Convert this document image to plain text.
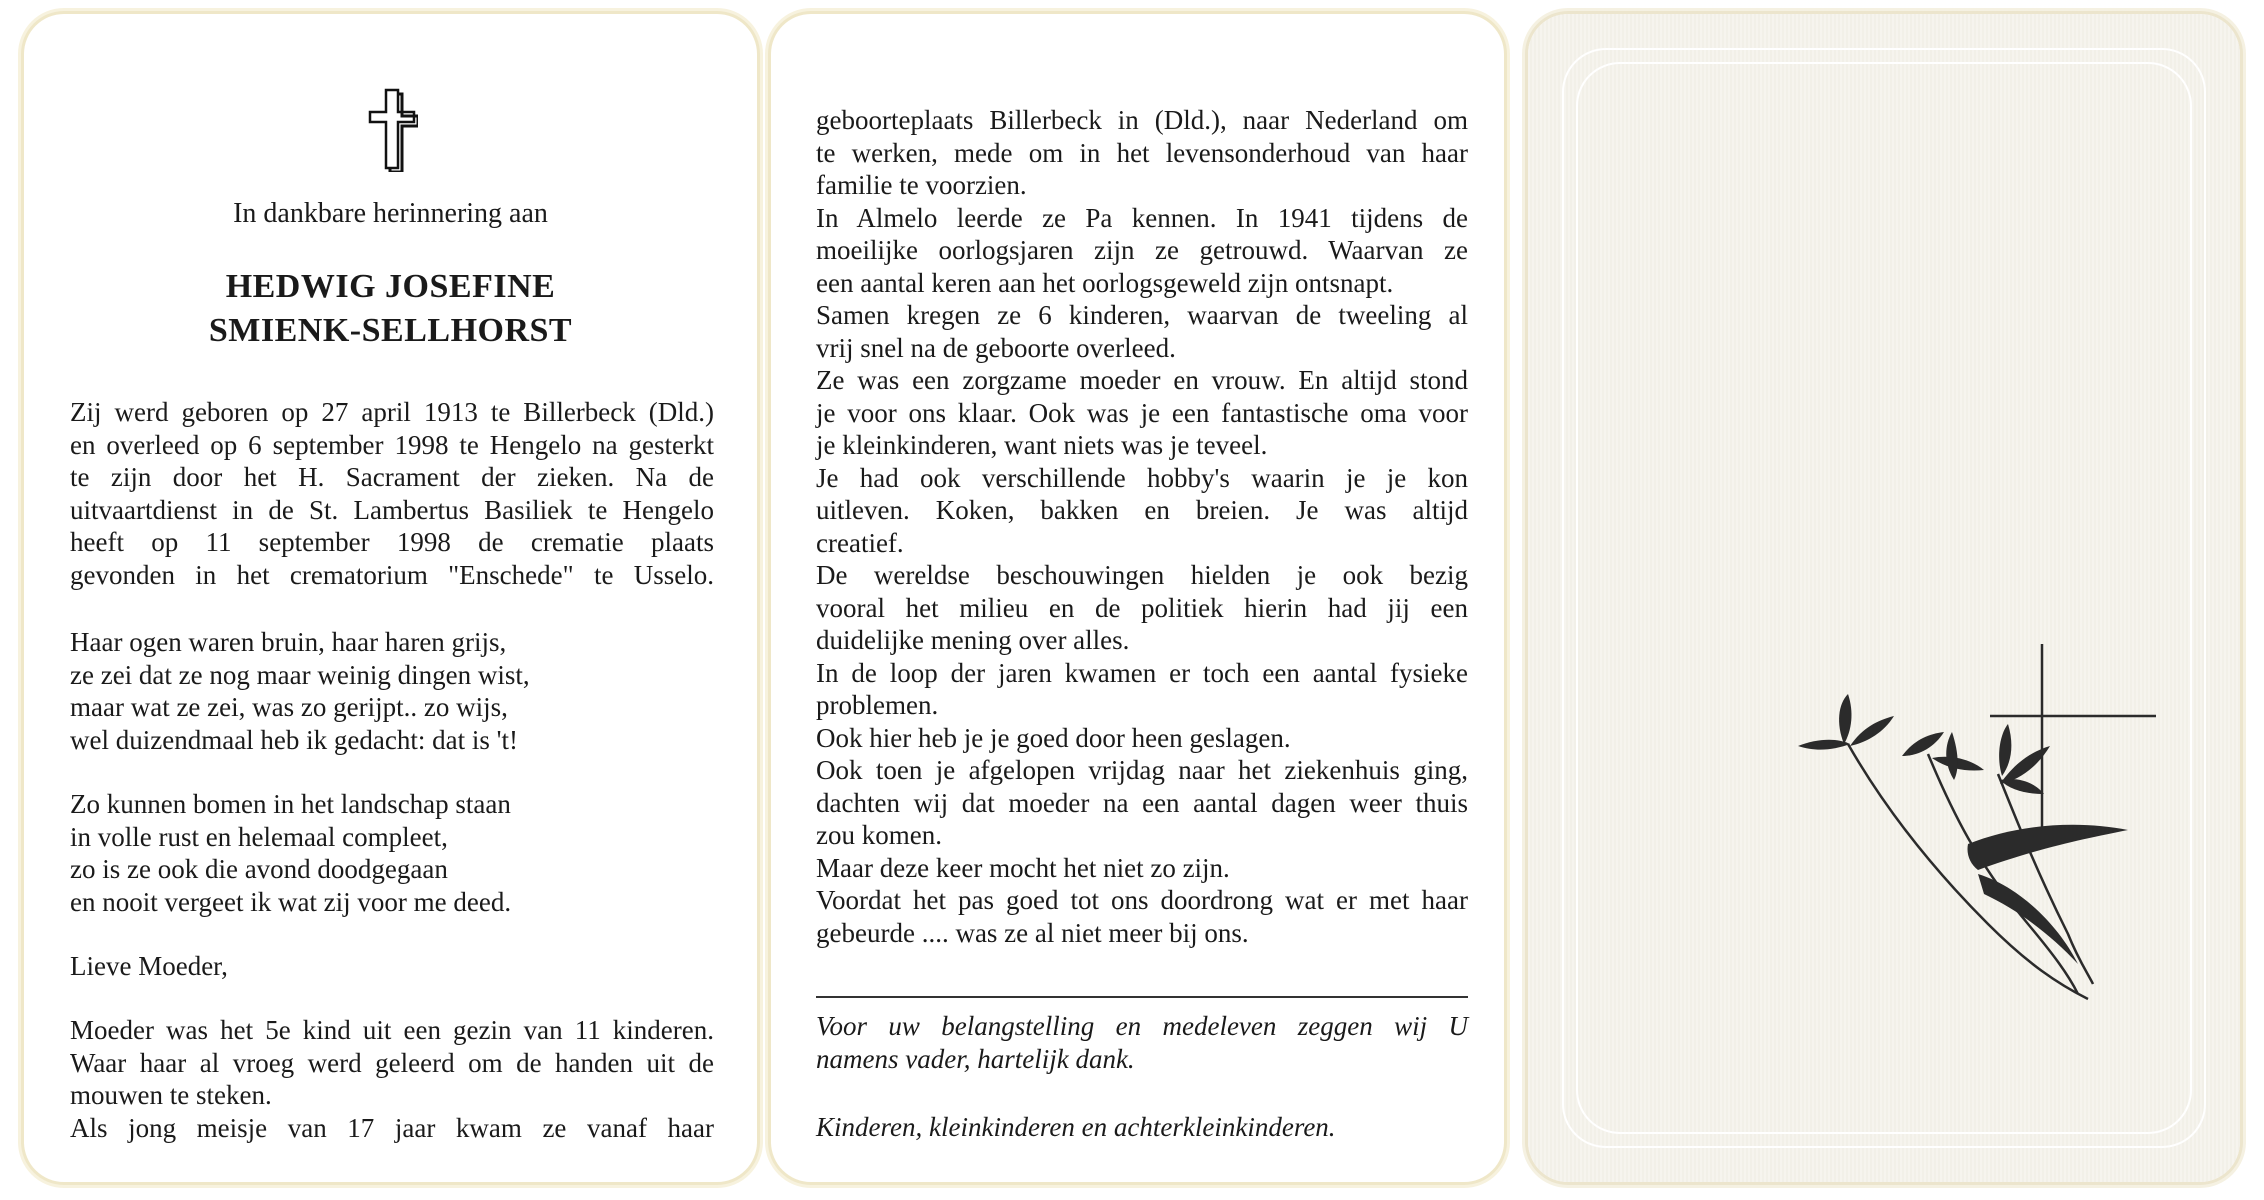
In dankbare herinnering aan
HEDWIG JOSEFINE
SMIENK-SELLHORST
Zij werd geboren op 27 april 1913 te Billerbeck (Dld.)
en overleed op 6 september 1998 te Hengelo na gesterkt
te zijn door het H. Sacrament der zieken. Na de
uitvaartdienst in de St. Lambertus Basiliek te Hengelo
heeft op 11 september 1998 de crematie plaats
gevonden in het crematorium "Enschede" te Usselo.
Haar ogen waren bruin, haar haren grijs,
ze zei dat ze nog maar weinig dingen wist,
maar wat ze zei, was zo gerijpt.. zo wijs,
wel duizendmaal heb ik gedacht: dat is 't!
Zo kunnen bomen in het landschap staan
in volle rust en helemaal compleet,
zo is ze ook die avond doodgegaan
en nooit vergeet ik wat zij voor me deed.
Lieve Moeder,
Moeder was het 5e kind uit een gezin van 11 kinderen.
Waar haar al vroeg werd geleerd om de handen uit de
mouwen te steken.
Als jong meisje van 17 jaar kwam ze vanaf haar
geboorteplaats Billerbeck in (Dld.), naar Nederland om
te werken, mede om in het levensonderhoud van haar
familie te voorzien.
In Almelo leerde ze Pa kennen. In 1941 tijdens de
moeilijke oorlogsjaren zijn ze getrouwd. Waarvan ze
een aantal keren aan het oorlogsgeweld zijn ontsnapt.
Samen kregen ze 6 kinderen, waarvan de tweeling al
vrij snel na de geboorte overleed.
Ze was een zorgzame moeder en vrouw. En altijd stond
je voor ons klaar. Ook was je een fantastische oma voor
je kleinkinderen, want niets was je teveel.
Je had ook verschillende hobby's waarin je je kon
uitleven. Koken, bakken en breien. Je was altijd
creatief.
De wereldse beschouwingen hielden je ook bezig
vooral het milieu en de politiek hierin had jij een
duidelijke mening over alles.
In de loop der jaren kwamen er toch een aantal fysieke
problemen.
Ook hier heb je je goed door heen geslagen.
Ook toen je afgelopen vrijdag naar het ziekenhuis ging,
dachten wij dat moeder na een aantal dagen weer thuis
zou komen.
Maar deze keer mocht het niet zo zijn.
Voordat het pas goed tot ons doordrong wat er met haar
gebeurde .... was ze al niet meer bij ons.
Voor uw belangstelling en medeleven zeggen wij U
namens vader, hartelijk dank.
Kinderen, kleinkinderen en achterkleinkinderen.
